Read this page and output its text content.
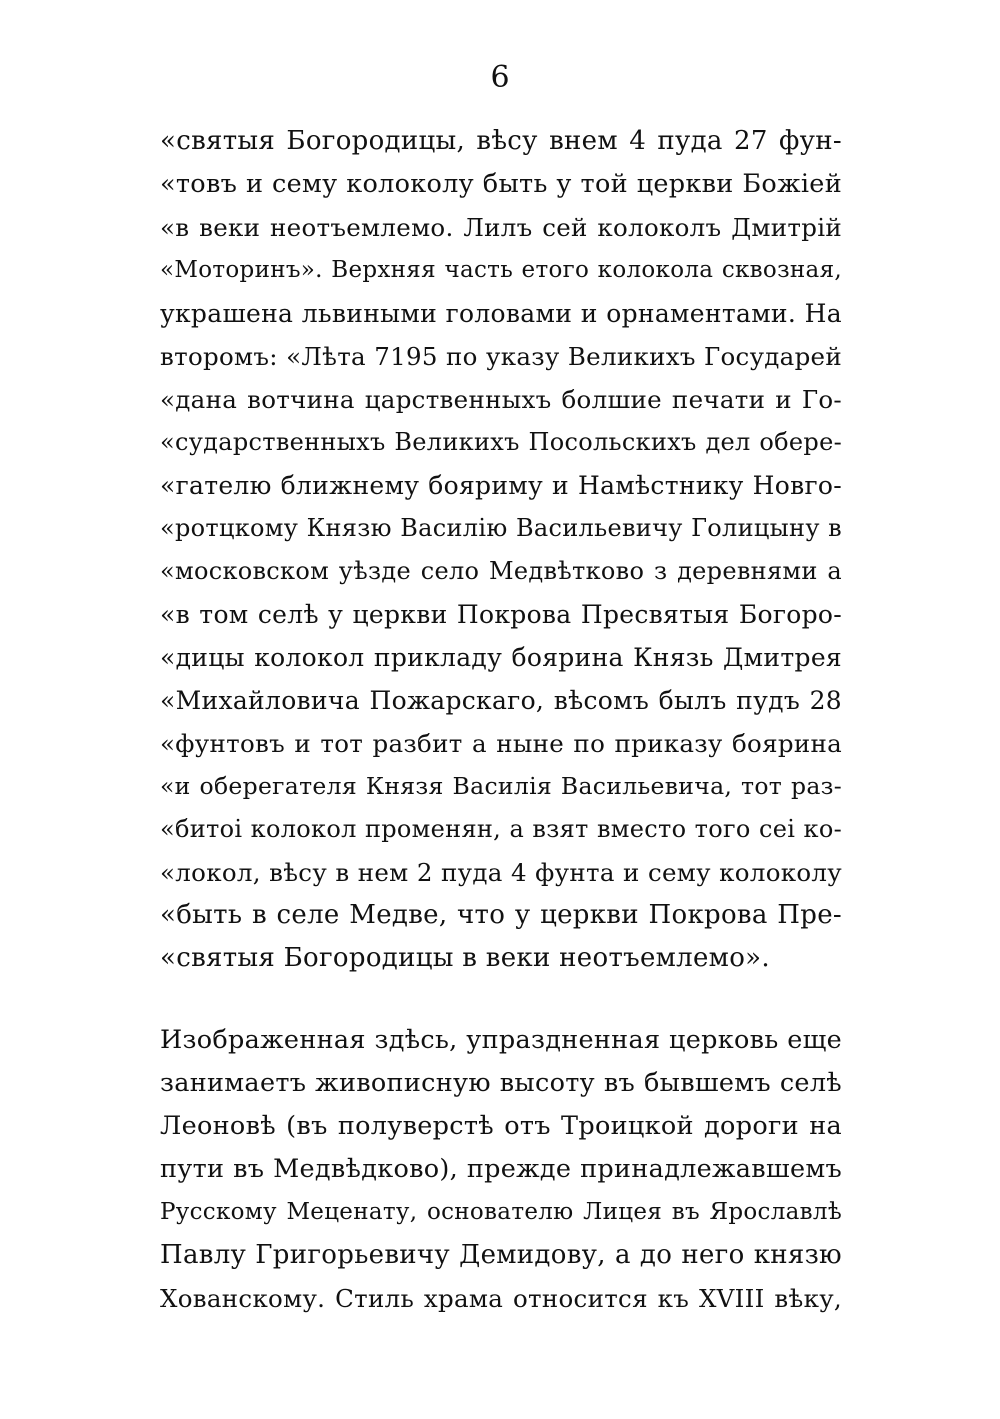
6
«святыя Богородицы, вѣсу внем 4 пуда 27 фун-
«товъ и сему колоколу быть у той церкви Божiей
«в веки неотъемлемо. Лилъ сей колоколъ Дмитрiй
«Моторинъ». Верхняя часть етого колокола сквозная,
украшена львиными головами и орнаментами. На
второмъ: «Лѣта 7195 по указу Великихъ Государей
«дана вотчина царственныхъ болшие печати и Го-
«сударственныхъ Великихъ Посольскихъ дел обере-
«гателю ближнему бояриму и Намѣстнику Новго-
«ротцкому Князю Василiю Васильевичу Голицыну в
«московском уѣзде село Медвѣтково з деревнями а
«в том селѣ у церкви Покрова Пресвятыя Богоро-
«дицы колокол прикладу боярина Князь Дмитрея
«Михайловича Пожарскаго, вѣсомъ былъ пудъ 28
«фунтовъ и тот разбит а ныне по приказу боярина
«и оберегателя Князя Василiя Васильевича, тот раз-
«битоi колокол променян, а взят вместо того сеi ко-
«локол, вѣсу в нем 2 пуда 4 фунта и сему колоколу
«быть в селе Медве, что у церкви Покрова Пре-
«святыя Богородицы в веки неотъемлемо».
Изображенная здѣсь, упраздненная церковь еще
занимаетъ живописную высоту въ бывшемъ селѣ
Леоновѣ (въ полуверстѣ отъ Троицкой дороги на
пути въ Медвѣдково), прежде принадлежавшемъ
Русскому Меценату, основателю Лицея въ Ярославлѣ
Павлу Григорьевичу Демидову, а до него князю
Хованскому. Стиль храма относится къ XVIII вѣку,
